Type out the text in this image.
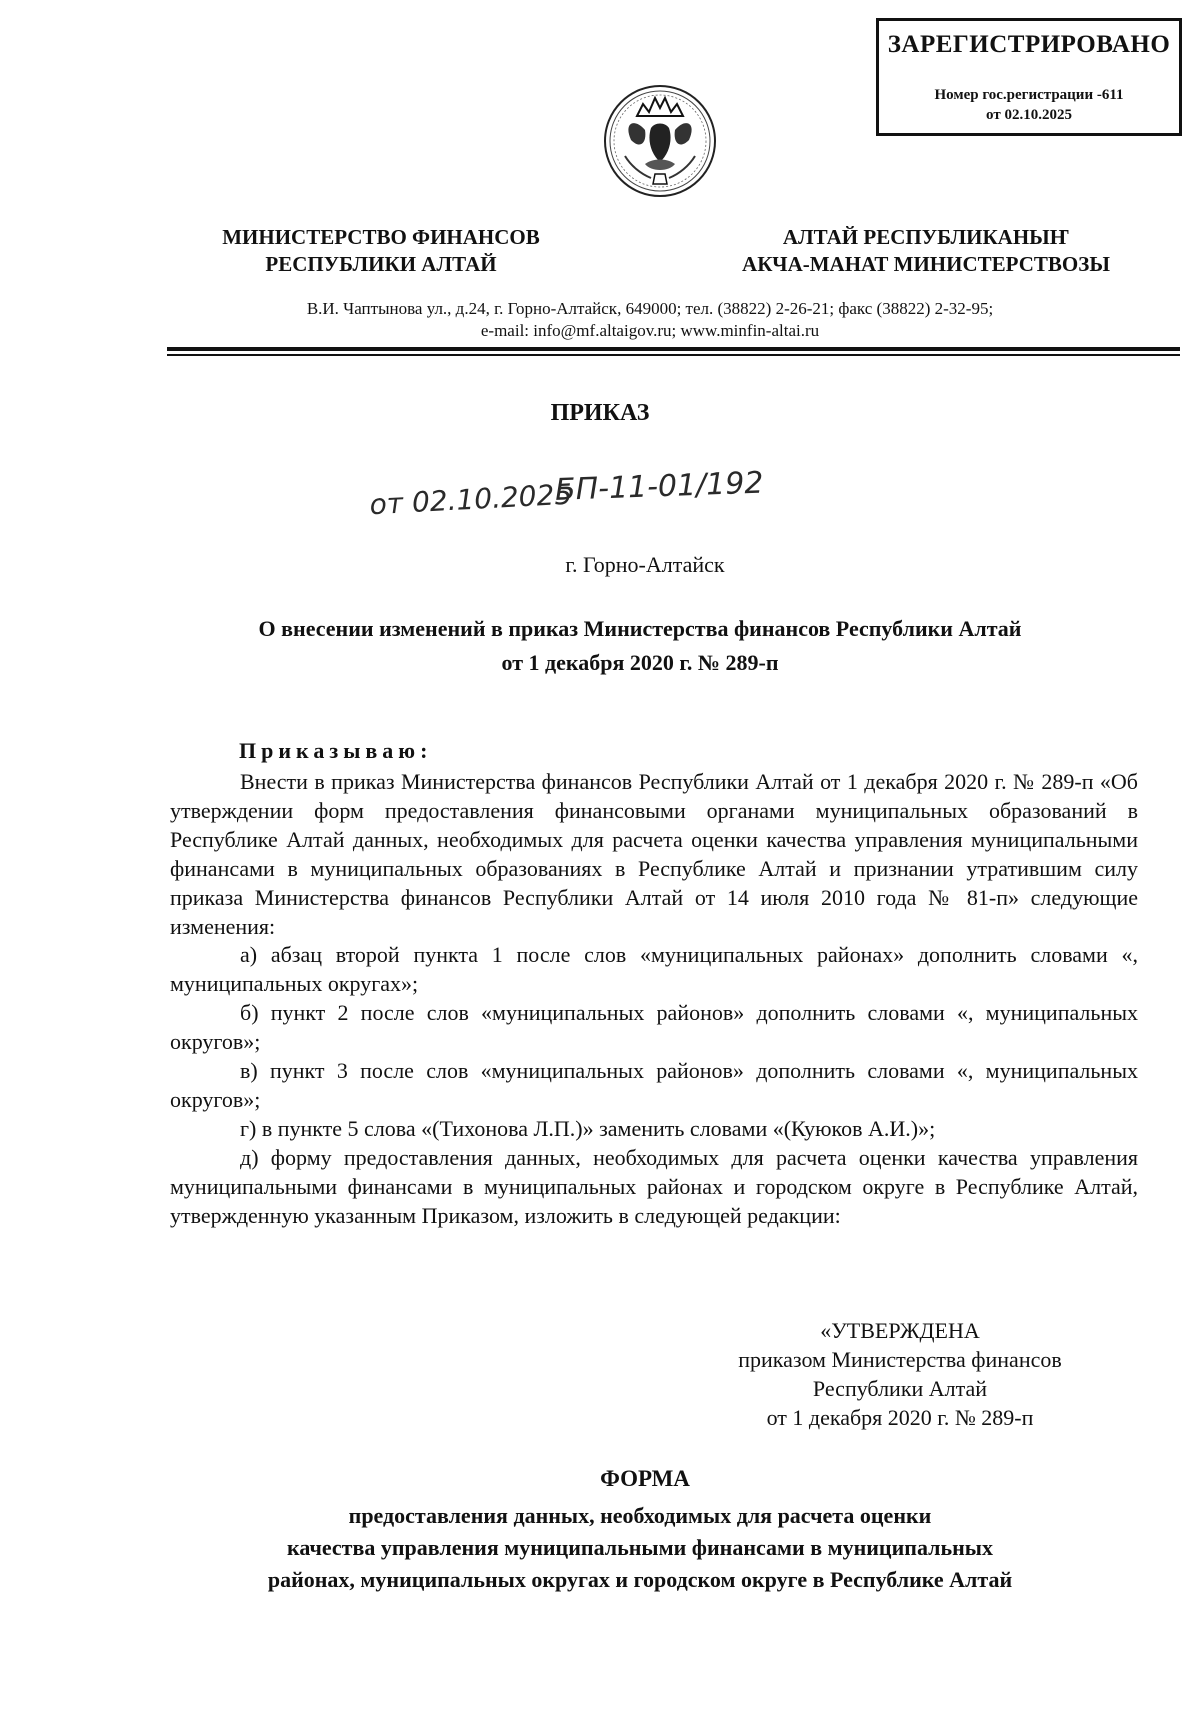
ЗАРЕГИСТРИРОВАНО
Номер гос.регистрации -611
от 02.10.2025
МИНИСТЕРСТВО ФИНАНСОВ
РЕСПУБЛИКИ АЛТАЙ
АЛТАЙ РЕСПУБЛИКАНЫҤ
АКЧА-МАНАТ МИНИСТЕРСТВОЗЫ
В.И. Чаптынова ул., д.24, г. Горно-Алтайск, 649000; тел. (38822) 2-26-21; факс (38822) 2-32-95;
e-mail: info@mf.altaigov.ru; www.minfin-altai.ru
ПРИКАЗ
от 02.10.2025
БП-11-01/192
г. Горно-Алтайск
О внесении изменений в приказ Министерства финансов Республики Алтай
от 1 декабря 2020 г. № 289-п
Приказываю:

Внести в приказ Министерства финансов Республики Алтай от 1 декабря 2020 г. № 289-п «Об утверждении форм предоставления финансовыми органами муниципальных образований в Республике Алтай данных, необходимых для расчета оценки качества управления муниципальными финансами в муниципальных образованиях в Республике Алтай и признании утратившим силу приказа Министерства финансов Республики Алтай от 14 июля 2010 года № 81-п» следующие изменения:

а) абзац второй пункта 1 после слов «муниципальных районах» дополнить словами «, муниципальных округах»;

б) пункт 2 после слов «муниципальных районов» дополнить словами «, муниципальных округов»;

в) пункт 3 после слов «муниципальных районов» дополнить словами «, муниципальных округов»;

г) в пункте 5 слова «(Тихонова Л.П.)» заменить словами «(Куюков А.И.)»;

д) форму предоставления данных, необходимых для расчета оценки качества управления муниципальными финансами в муниципальных районах и городском округе в Республике Алтай, утвержденную указанным Приказом, изложить в следующей редакции:

«УТВЕРЖДЕНА
приказом Министерства финансов
Республики Алтай
от 1 декабря 2020 г. № 289-п
ФОРМА
предоставления данных, необходимых для расчета оценки
качества управления муниципальными финансами в муниципальных
районах, муниципальных округах и городском округе в Республике Алтай
